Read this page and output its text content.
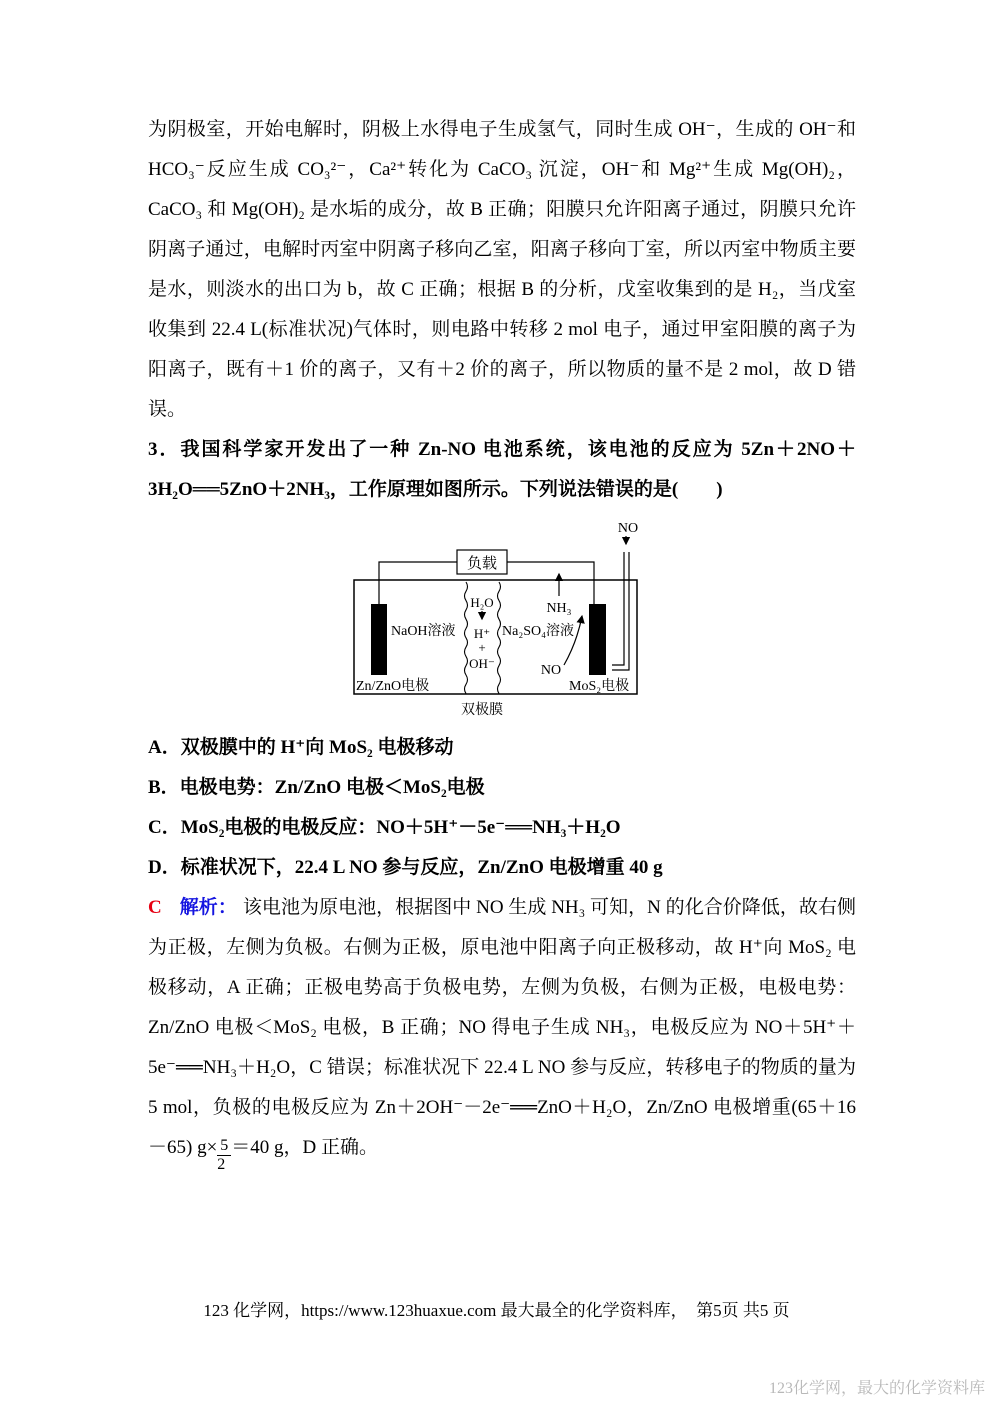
为阴极室，开始电解时，阴极上水得电子生成氢气，同时生成 OH⁻，生成的 OH⁻和 HCO₃⁻反应生成 CO₃²⁻，Ca²⁺转化为 CaCO₃ 沉淀，OH⁻和 Mg²⁺生成 Mg(OH)₂，CaCO₃ 和 Mg(OH)₂ 是水垢的成分，故 B 正确；阳膜只允许阳离子通过，阴膜只允许阴离子通过，电解时丙室中阴离子移向乙室，阳离子移向丁室，所以丙室中物质主要是水，则淡水的出口为 b，故 C 正确；根据 B 的分析，戊室收集到的是 H₂，当戊室收集到 22.4 L(标准状况)气体时，则电路中转移 2 mol 电子，通过甲室阳膜的离子为阳离子，既有＋1 价的离子，又有＋2 价的离子，所以物质的量不是 2 mol，故 D 错误。

3．我国科学家开发出了一种 Zn-NO 电池系统，该电池的反应为 5Zn＋2NO＋3H₂O══5ZnO＋2NH₃，工作原理如图所示。下列说法错误的是(　　)

NO
负载
NaOH溶液	Na₂SO₄溶液
H₂O
H⁺
+
OH⁻
NH₃
NO
Zn/ZnO电极	MoS₂电极
双极膜

A．双极膜中的 H⁺向 MoS₂ 电极移动

B．电极电势：Zn/ZnO 电极＜MoS₂电极

C．MoS₂电极的电极反应：NO＋5H⁺－5e⁻══NH₃＋H₂O

D．标准状况下，22.4 L NO 参与反应，Zn/ZnO 电极增重 40 g

C 解析： 该电池为原电池，根据图中 NO 生成 NH₃ 可知，N 的化合价降低，故右侧为正极，左侧为负极。右侧为正极，原电池中阳离子向正极移动，故 H⁺向 MoS₂ 电极移动，A 正确；正极电势高于负极电势，左侧为负极，右侧为正极，电极电势：Zn/ZnO 电极＜MoS₂ 电极，B 正确；NO 得电子生成 NH₃，电极反应为 NO＋5H⁺＋5e⁻══NH₃＋H₂O，C 错误；标准状况下 22.4 L NO 参与反应，转移电子的物质的量为 5 mol，负极的电极反应为 Zn＋2OH⁻－2e⁻══ZnO＋H₂O，Zn/ZnO 电极增重(65＋16－65) $g\times \frac{5}{2} =40$ g，D 正确。

123 化学网，https://www.123huaxue.com 最大最全的化学资料库，　第5页 共5 页
123化学网，最大的化学资料库
